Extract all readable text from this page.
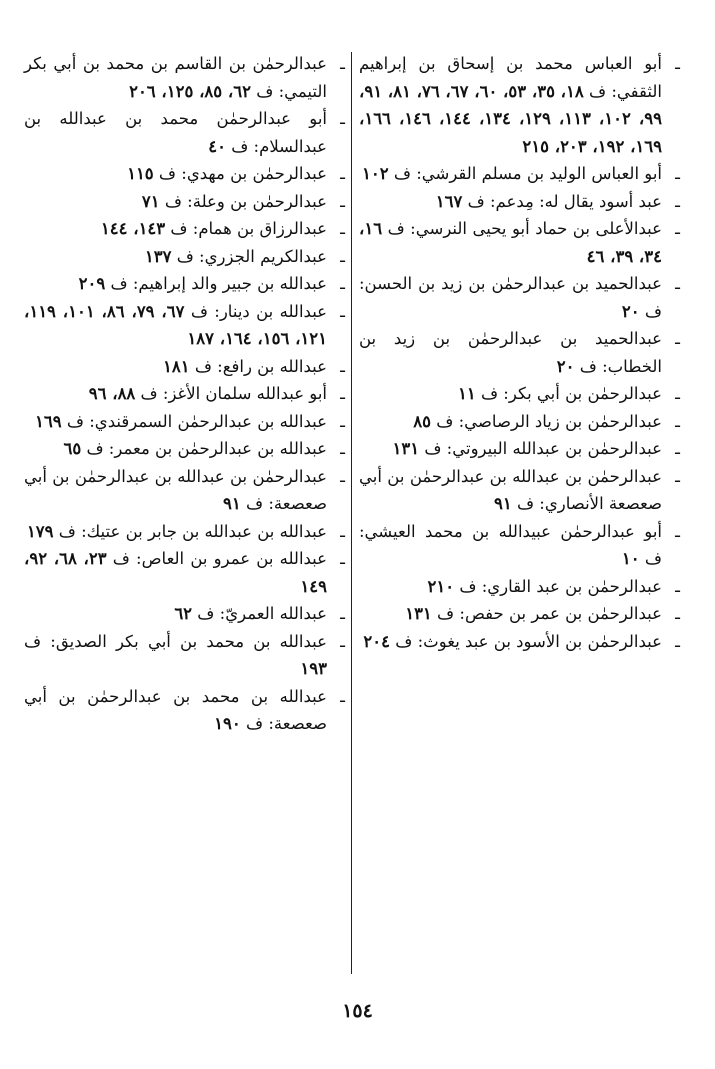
ـ أبو العباس محمد بن إسحاق بن إبراهيم الثقفي: ف ١٨، ٣٥، ٥٣، ٦٠، ٦٧، ٧٦، ٨١، ٩١، ٩٩، ١٠٢، ١١٣، ١٢٩، ١٣٤، ١٤٤، ١٤٦، ١٦٦، ١٦٩، ١٩٢، ٢٠٣، ٢١٥
ـ أبو العباس الوليد بن مسلم القرشي: ف ١٠٢
ـ عبد أسود يقال له: مِدعم: ف ١٦٧
ـ عبدالأعلى بن حماد أبو يحيى النرسي: ف ١٦، ٣٤، ٣٩، ٤٦
ـ عبدالحميد بن عبدالرحمٰن بن زيد بن الحسن: ف ٢٠
ـ عبدالحميد بن عبدالرحمٰن بن زيد بن الخطاب: ف ٢٠
ـ عبدالرحمٰن بن أبي بكر: ف ١١
ـ عبدالرحمٰن بن زياد الرصاصي: ف ٨٥
ـ عبدالرحمٰن بن عبدالله البيروتي: ف ١٣١
ـ عبدالرحمٰن بن عبدالله بن عبدالرحمٰن بن أبي صعصعة الأنصاري: ف ٩١
ـ أبو عبدالرحمٰن عبيدالله بن محمد العيشي: ف ١٠
ـ عبدالرحمٰن بن عبد القاري: ف ٢١٠
ـ عبدالرحمٰن بن عمر بن حفص: ف ١٣١
ـ عبدالرحمٰن بن الأسود بن عبد يغوث: ف ٢٠٤
ـ عبدالرحمٰن بن القاسم بن محمد بن أبي بكر التيمي: ف ٦٢، ٨٥، ١٢٥، ٢٠٦
ـ أبو عبدالرحمٰن محمد بن عبدالله بن عبدالسلام: ف ٤٠
ـ عبدالرحمٰن بن مهدي: ف ١١٥
ـ عبدالرحمٰن بن وعلة: ف ٧١
ـ عبدالرزاق بن همام: ف ١٤٣، ١٤٤
ـ عبدالكريم الجزري: ف ١٣٧
ـ عبدالله بن جبير والد إبراهيم: ف ٢٠٩
ـ عبدالله بن دينار: ف ٦٧، ٧٩، ٨٦، ١٠١، ١١٩، ١٢١، ١٥٦، ١٦٤، ١٨٧
ـ عبدالله بن رافع: ف ١٨١
ـ أبو عبدالله سلمان الأغز: ف ٨٨، ٩٦
ـ عبدالله بن عبدالرحمٰن السمرقندي: ف ١٦٩
ـ عبدالله بن عبدالرحمٰن بن معمر: ف ٦٥
ـ عبدالرحمٰن بن عبدالله بن عبدالرحمٰن بن أبي صعصعة: ف ٩١
ـ عبدالله بن عبدالله بن جابر بن عتيك: ف ١٧٩
ـ عبدالله بن عمرو بن العاص: ف ٢٣، ٦٨، ٩٢، ١٤٩
ـ عبدالله العمريّ: ف ٦٢
ـ عبدالله بن محمد بن أبي بكر الصديق: ف ١٩٣
ـ عبدالله بن محمد بن عبدالرحمٰن بن أبي صعصعة: ف ١٩٠
١٥٤
